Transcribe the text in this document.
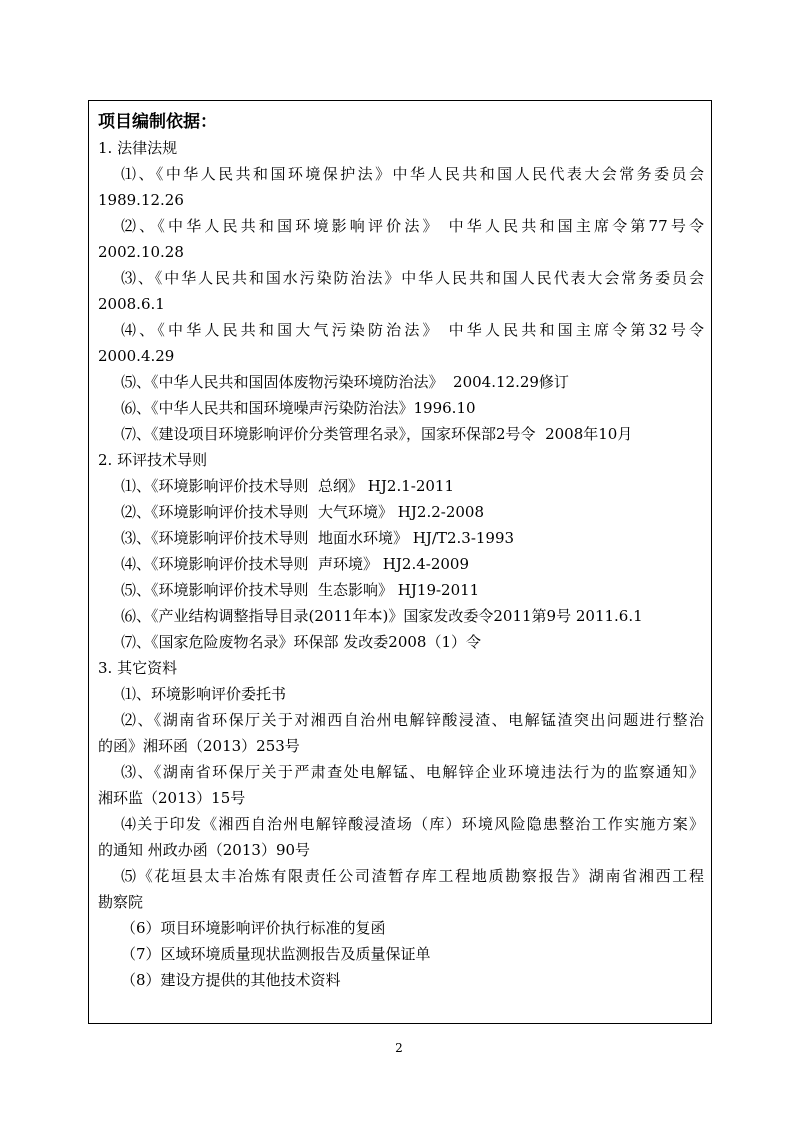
项目编制依据：
1. 法律法规
⑴、《中华人民共和国环境保护法》中华人民共和国人民代表大会常务委员会
1989.12.26
⑵、《中华人民共和国环境影响评价法》 中华人民共和国主席令第77号令
2002.10.28
⑶、《中华人民共和国水污染防治法》中华人民共和国人民代表大会常务委员会
2008.6.1
⑷、《中华人民共和国大气污染防治法》 中华人民共和国主席令第32号令
2000.4.29
⑸、《中华人民共和国固体废物污染环境防治法》  2004.12.29修订
⑹、《中华人民共和国环境噪声污染防治法》1996.10
⑺、《建设项目环境影响评价分类管理名录》，国家环保部2号令  2008年10月
2. 环评技术导则
⑴、《环境影响评价技术导则  总纲》 HJ2.1-2011
⑵、《环境影响评价技术导则  大气环境》 HJ2.2-2008
⑶、《环境影响评价技术导则  地面水环境》 HJ/T2.3-1993
⑷、《环境影响评价技术导则  声环境》 HJ2.4-2009
⑸、《环境影响评价技术导则  生态影响》 HJ19-2011
⑹、《产业结构调整指导目录(2011年本)》国家发改委令2011第9号 2011.6.1
⑺、《国家危险废物名录》环保部 发改委2008（1）令
3. 其它资料
⑴、环境影响评价委托书
⑵、《湖南省环保厅关于对湘西自治州电解锌酸浸渣、电解锰渣突出问题进行整治
的函》湘环函（2013）253号
⑶、《湖南省环保厅关于严肃查处电解锰、电解锌企业环境违法行为的监察通知》
湘环监（2013）15号
⑷关于印发《湘西自治州电解锌酸浸渣场（库）环境风险隐患整治工作实施方案》
的通知 州政办函（2013）90号
⑸《花垣县太丰冶炼有限责任公司渣暂存库工程地质勘察报告》湖南省湘西工程
勘察院
（6）项目环境影响评价执行标准的复函
（7）区域环境质量现状监测报告及质量保证单
（8）建设方提供的其他技术资料
2
